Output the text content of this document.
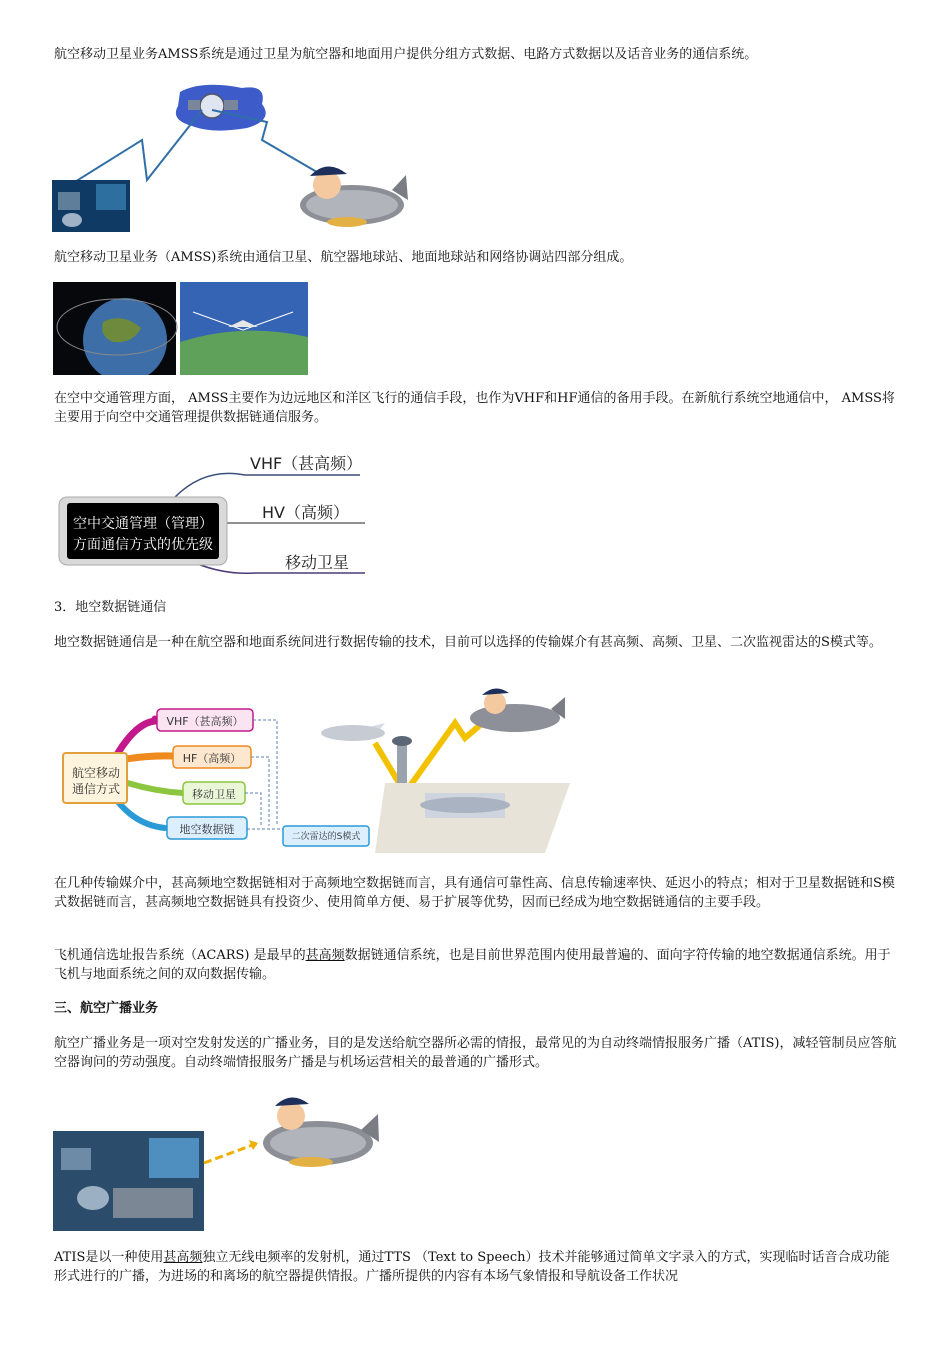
航空移动卫星业务AMSS系统是通过卫星为航空器和地面用户提供分组方式数据、电路方式数据以及话音业务的通信系统。

航空移动卫星业务（AMSS)系统由通信卫星、航空器地球站、地面地球站和网络协调站四部分组成。

在空中交通管理方面， AMSS主要作为边远地区和洋区飞行的通信手段，也作为VHF和HF通信的备用手段。在新航行系统空地通信中， AMSS将主要用于向空中交通管理提供数据链通信服务。

空中交通管理（管理）
方面通信方式的优先级
VHF（甚高频）
HV（高频）
移动卫星

3．地空数据链通信

地空数据链通信是一种在航空器和地面系统间进行数据传输的技术，目前可以选择的传输媒介有甚高频、高频、卫星、二次监视雷达的S模式等。

航空移动
通信方式
VHF（甚高频）
HF（高频）
移动卫星
地空数据链
二次雷达的S模式

在几种传输媒介中，甚高频地空数据链相对于高频地空数据链而言，具有通信可靠性高、信息传输速率快、延迟小的特点；相对于卫星数据链和S模式数据链而言，甚高频地空数据链具有投资少、使用简单方便、易于扩展等优势，因而已经成为地空数据链通信的主要手段。

飞机通信选址报告系统（ACARS) 是最早的甚高频数据链通信系统，也是目前世界范围内使用最普遍的、面向字符传输的地空数据通信系统。用于飞机与地面系统之间的双向数据传输。

三、航空广播业务

航空广播业务是一项对空发射发送的广播业务，目的是发送给航空器所必需的情报，最常见的为自动终端情报服务广播（ATIS)，减轻管制员应答航空器询问的劳动强度。自动终端情报服务广播是与机场运营相关的最普通的广播形式。

ATIS是以一种使用甚高频独立无线电频率的发射机，通过TTS （Text to Speech）技术并能够通过简单文字录入的方式，实现临时话音合成功能形式进行的广播，为进场的和离场的航空器提供情报。广播所提供的内容有本场气象情报和导航设备工作状况
